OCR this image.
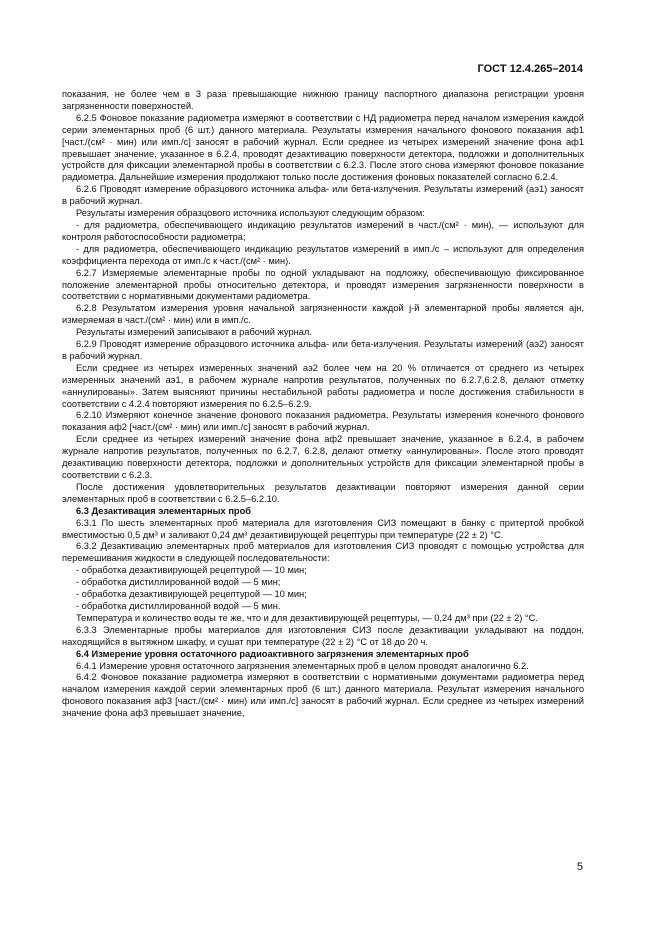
ГОСТ 12.4.265–2014

показания, не более чем в 3 раза превышающие нижнюю границу паспортного диапазона регистрации уровня загрязненности поверхностей.

6.2.5 Фоновое показание радиометра измеряют в соответствии с НД радиометра перед началом измерения каждой серии элементарных проб (6 шт.) данного материала. Результаты измерения начального фонового показания aф1 [част./(см² · мин) или имп./с] заносят в рабочий журнал. Если среднее из четырех измерений значение фона aф1 превышает значение, указанное в 6.2.4, проводят дезактивацию поверхности детектора, подложки и дополнительных устройств для фиксации элементарной пробы в соответствии с 6.2.3. После этого снова измеряют фоновое показание радиометра. Дальнейшие измерения продолжают только после достижения фоновых показателей согласно 6.2.4.

6.2.6 Проводят измерение образцового источника альфа- или бета-излучения. Результаты измерений (aэ1) заносят в рабочий журнал.

Результаты измерения образцового источника используют следующим образом:

- для радиометра, обеспечивающего индикацию результатов измерений в част./(см² · мин), — используют для контроля работоспособности радиометра;

- для радиометра, обеспечивающего индикацию результатов измерений в имп./с – используют для определения коэффициента перехода от имп./с к част./(см² · мин).

6.2.7 Измеряемые элементарные пробы по одной укладывают на подложку, обеспечивающую фиксированное положение элементарной пробы относительно детектора, и проводят измерения загрязненности поверхности в соответствии с нормативными документами радиометра.

6.2.8 Результатом измерения уровня начальной загрязненности каждой j-й элементарной пробы является ajн, измеряемая в част./(см² · мин) или в имп./с.

Результаты измерений записывают в рабочий журнал.

6.2.9 Проводят измерение образцового источника альфа- или бета-излучения. Результаты измерений (aэ2) заносят в рабочий журнал.

Если среднее из четырех измеренных значений aэ2 более чем на 20 % отличается от среднего из четырех измеренных значений aэ1, в рабочем журнале напротив результатов, полученных по 6.2.7,6.2.8, делают отметку «аннулированы». Затем выясняют причины нестабильной работы радиометра и после достижения стабильности в соответствии с 4.2.4 повторяют измерения по 6.2.5–6.2.9.

6.2.10 Измеряют конечное значение фонового показания радиометра. Результаты измерения конечного фонового показания aф2 [част./(см² · мин) или имп./с] заносят в рабочий журнал.

Если среднее из четырех измерений значение фона aф2 превышает значение, указанное в 6.2.4, в рабочем журнале напротив результатов, полученных по 6.2.7, 6.2.8, делают отметку «аннулированы». После этого проводят дезактивацию поверхности детектора, подложки и дополнительных устройств для фиксации элементарной пробы в соответствии с 6.2.3.

После достижения удовлетворительных результатов дезактивации повторяют измерения данной серии элементарных проб в соответствии с 6.2.5–6.2.10.

6.3 Дезактивация элементарных проб

6.3.1 По шесть элементарных проб материала для изготовления СИЗ помещают в банку с притертой пробкой вместимостью 0,5 дм³ и заливают 0,24 дм³ дезактивирующей рецептуры при температуре (22 ± 2) °С.

6.3.2 Дезактивацию элементарных проб материалов для изготовления СИЗ проводят с помощью устройства для перемешивания жидкости в следующей последовательности:

- обработка дезактивирующей рецептурой — 10 мин;

- обработка дистиллированной водой — 5 мин;

- обработка дезактивирующей рецептурой — 10 мин;

- обработка дистиллированной водой — 5 мин.

Температура и количество воды те же, что и для дезактивирующей рецептуры, — 0,24 дм³ при (22 ± 2) °С.

6.3.3 Элементарные пробы материалов для изготовления СИЗ после дезактивации укладывают на поддон, находящийся в вытяжном шкафу, и сушат при температуре (22 ± 2) °С от 18 до 20 ч.

6.4 Измерение уровня остаточного радиоактивного загрязнения элементарных проб

6.4.1 Измерение уровня остаточного загрязнения элементарных проб в целом проводят аналогично 6.2.

6.4.2 Фоновое показание радиометра измеряют в соответствии с нормативными документами радиометра перед началом измерения каждой серии элементарных проб (6 шт.) данного материала. Результат измерения начального фонового показания aф3 [част./(см² · мин) или имп./с] заносят в рабочий журнал. Если среднее из четырех измерений значение фона aф3 превышает значение,

5
